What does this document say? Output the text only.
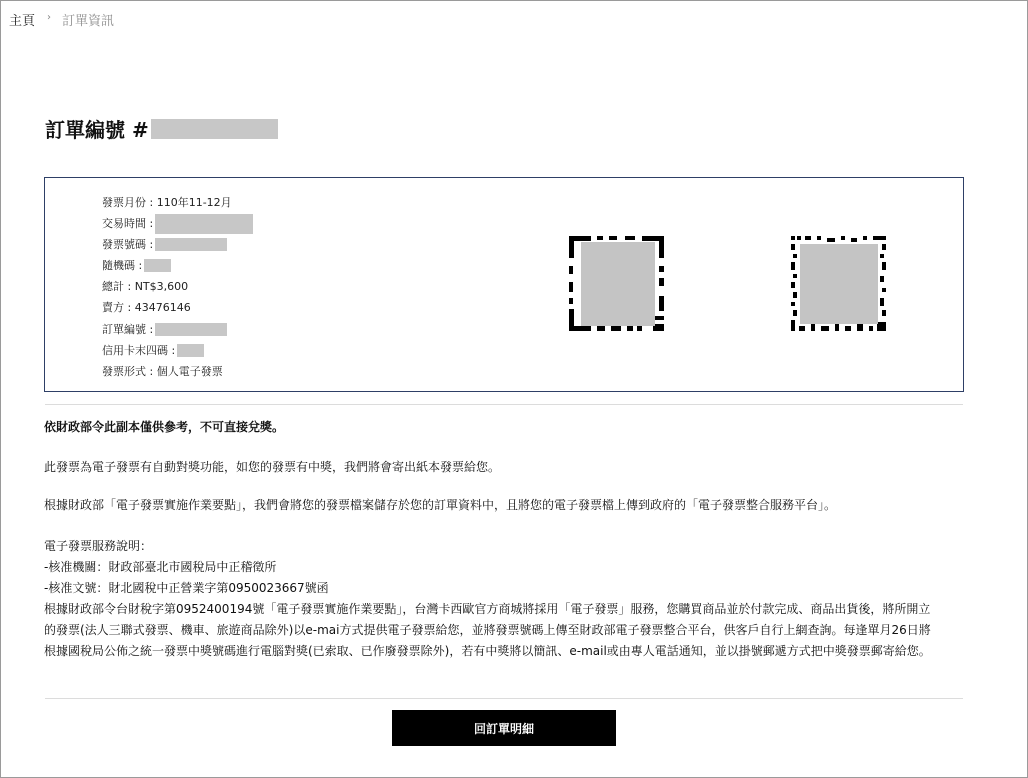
主頁 › 訂單資訊
訂單編號 #
發票月份 : 110年11-12月
交易時間 :
發票號碼 :
隨機碼 :
總計 : NT$3,600
賣方 : 43476146
訂單編號 :
信用卡末四碼 :
發票形式 : 個人電子發票
依財政部令此副本僅供參考，不可直接兌獎。
此發票為電子發票有自動對獎功能，如您的發票有中獎，我們將會寄出紙本發票給您。
根據財政部「電子發票實施作業要點」，我們會將您的發票檔案儲存於您的訂單資料中，且將您的電子發票檔上傳到政府的「電子發票整合服務平台」。
電子發票服務說明：
-核准機關：財政部臺北市國稅局中正稽徵所
-核准文號：財北國稅中正營業字第0950023667號函
根據財政部令台財稅字第0952400194號「電子發票實施作業要點」，台灣卡西歐官方商城將採用「電子發票」服務，您購買商品並於付款完成、商品出貨後，將所開立的發票(法人三聯式發票、機車、旅遊商品除外)以e-mai方式提供電子發票給您，並將發票號碼上傳至財政部電子發票整合平台，供客戶自行上網查詢。每逢單月26日將根據國稅局公佈之統一發票中獎號碼進行電腦對獎(已索取、已作廢發票除外)，若有中獎將以簡訊、e-mail或由專人電話通知，並以掛號郵遞方式把中獎發票郵寄給您。
回訂單明細
